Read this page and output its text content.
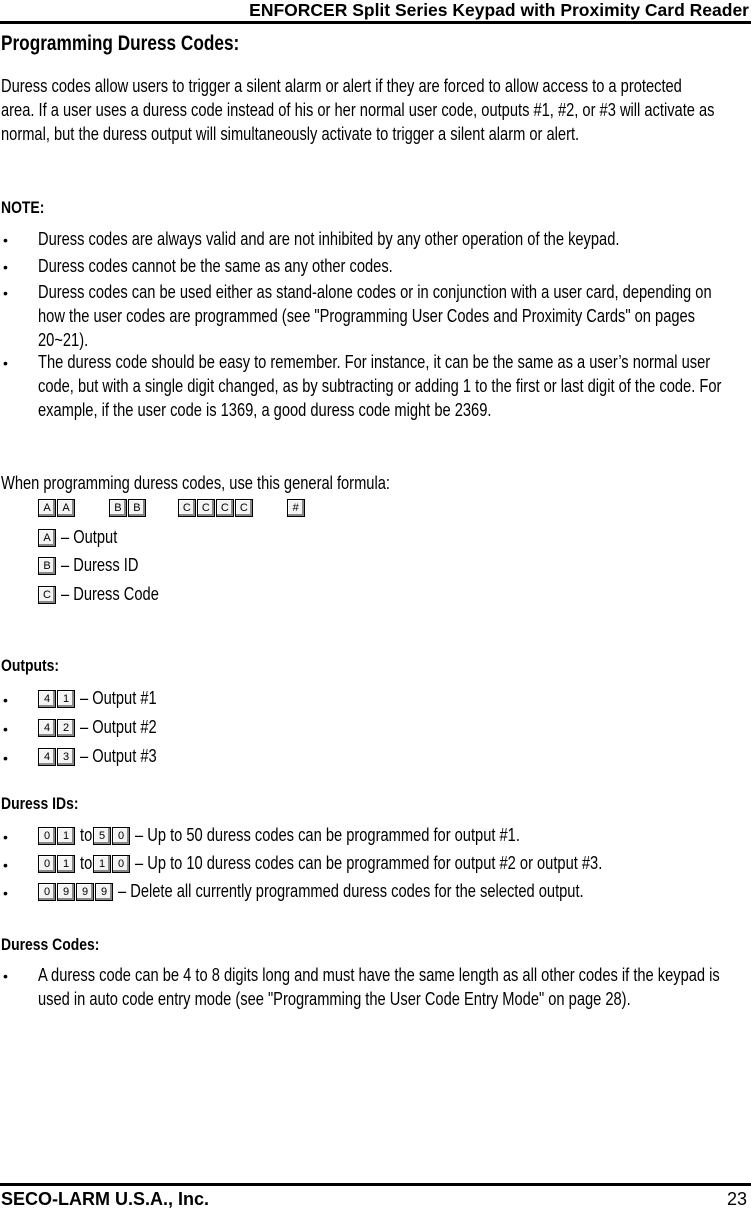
ENFORCER Split Series Keypad with Proximity Card Reader
Programming Duress Codes:
Duress codes allow users to trigger a silent alarm or alert if they are forced to allow access to a protected area. If a user uses a duress code instead of his or her normal user code, outputs #1, #2, or #3 will activate as normal, but the duress output will simultaneously activate to trigger a silent alarm or alert.
NOTE:
• Duress codes are always valid and are not inhibited by any other operation of the keypad.
• Duress codes cannot be the same as any other codes.
• Duress codes can be used either as stand-alone codes or in conjunction with a user card, depending on how the user codes are programmed (see "Programming User Codes and Proximity Cards" on pages 20~21).
• The duress code should be easy to remember. For instance, it can be the same as a user’s normal user code, but with a single digit changed, as by subtracting or adding 1 to the first or last digit of the code. For example, if the user code is 1369, a good duress code might be 2369.
When programming duress codes, use this general formula:
A A	B B	C C C C	#
A – Output
B – Duress ID
C – Duress Code
Outputs:
•	4	1 – Output #1
•	4	2 – Output #2
•	4	3 – Output #3
Duress IDs:
•	0	1 to 5	0 – Up to 50 duress codes can be programmed for output #1.
•	0	1 to 1	0 – Up to 10 duress codes can be programmed for output #2 or output #3.
•	0	9	9	9 – Delete all currently programmed duress codes for the selected output.
Duress Codes:
• A duress code can be 4 to 8 digits long and must have the same length as all other codes if the keypad is used in auto code entry mode (see "Programming the User Code Entry Mode" on page 28).
SECO-LARM U.S.A., Inc.	23
